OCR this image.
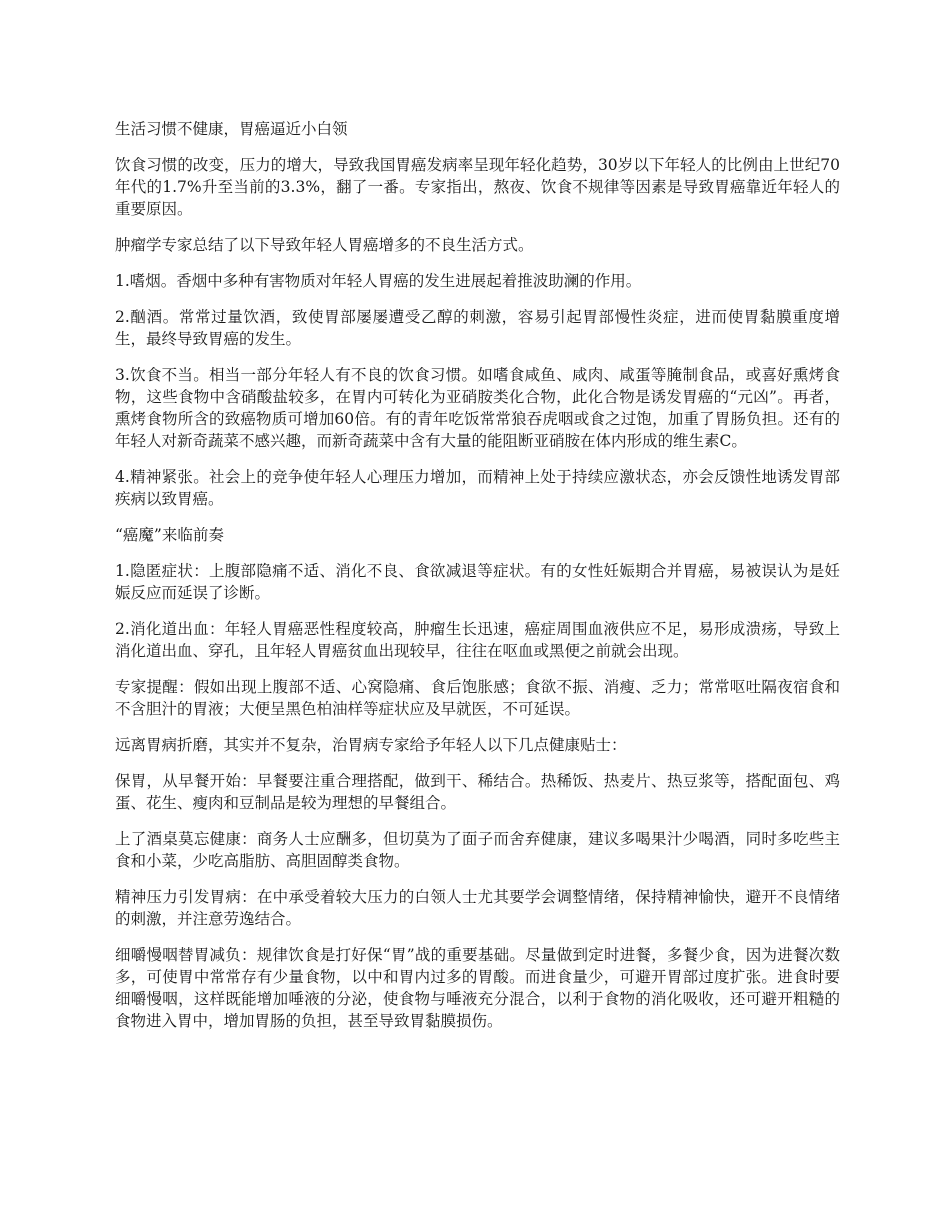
生活习惯不健康，胃癌逼近小白领

饮食习惯的改变，压力的增大，导致我国胃癌发病率呈现年轻化趋势，30岁以下年轻人的比例由上世纪70年代的1.7%升至当前的3.3%，翻了一番。专家指出，熬夜、饮食不规律等因素是导致胃癌靠近年轻人的重要原因。

肿瘤学专家总结了以下导致年轻人胃癌增多的不良生活方式。

1.嗜烟。香烟中多种有害物质对年轻人胃癌的发生进展起着推波助澜的作用。

2.酗酒。常常过量饮酒，致使胃部屡屡遭受乙醇的刺激，容易引起胃部慢性炎症，进而使胃黏膜重度增生，最终导致胃癌的发生。

3.饮食不当。相当一部分年轻人有不良的饮食习惯。如嗜食咸鱼、咸肉、咸蛋等腌制食品，或喜好熏烤食物，这些食物中含硝酸盐较多，在胃内可转化为亚硝胺类化合物，此化合物是诱发胃癌的“元凶”。再者，熏烤食物所含的致癌物质可增加60倍。有的青年吃饭常常狼吞虎咽或食之过饱，加重了胃肠负担。还有的年轻人对新奇蔬菜不感兴趣，而新奇蔬菜中含有大量的能阻断亚硝胺在体内形成的维生素C。

4.精神紧张。社会上的竞争使年轻人心理压力增加，而精神上处于持续应激状态，亦会反馈性地诱发胃部疾病以致胃癌。

“癌魔”来临前奏

1.隐匿症状：上腹部隐痛不适、消化不良、食欲减退等症状。有的女性妊娠期合并胃癌，易被误认为是妊娠反应而延误了诊断。

2.消化道出血：年轻人胃癌恶性程度较高，肿瘤生长迅速，癌症周围血液供应不足，易形成溃疡，导致上消化道出血、穿孔，且年轻人胃癌贫血出现较早，往往在呕血或黑便之前就会出现。

专家提醒：假如出现上腹部不适、心窝隐痛、食后饱胀感；食欲不振、消瘦、乏力；常常呕吐隔夜宿食和不含胆汁的胃液；大便呈黑色柏油样等症状应及早就医，不可延误。

远离胃病折磨，其实并不复杂，治胃病专家给予年轻人以下几点健康贴士：

保胃，从早餐开始：早餐要注重合理搭配，做到干、稀结合。热稀饭、热麦片、热豆浆等，搭配面包、鸡蛋、花生、瘦肉和豆制品是较为理想的早餐组合。

上了酒桌莫忘健康：商务人士应酬多，但切莫为了面子而舍弃健康，建议多喝果汁少喝酒，同时多吃些主食和小菜，少吃高脂肪、高胆固醇类食物。

精神压力引发胃病：在中承受着较大压力的白领人士尤其要学会调整情绪，保持精神愉快，避开不良情绪的刺激，并注意劳逸结合。

细嚼慢咽替胃减负：规律饮食是打好保“胃”战的重要基础。尽量做到定时进餐，多餐少食，因为进餐次数多，可使胃中常常存有少量食物，以中和胃内过多的胃酸。而进食量少，可避开胃部过度扩张。进食时要细嚼慢咽，这样既能增加唾液的分泌，使食物与唾液充分混合，以利于食物的消化吸收，还可避开粗糙的食物进入胃中，增加胃肠的负担，甚至导致胃黏膜损伤。
